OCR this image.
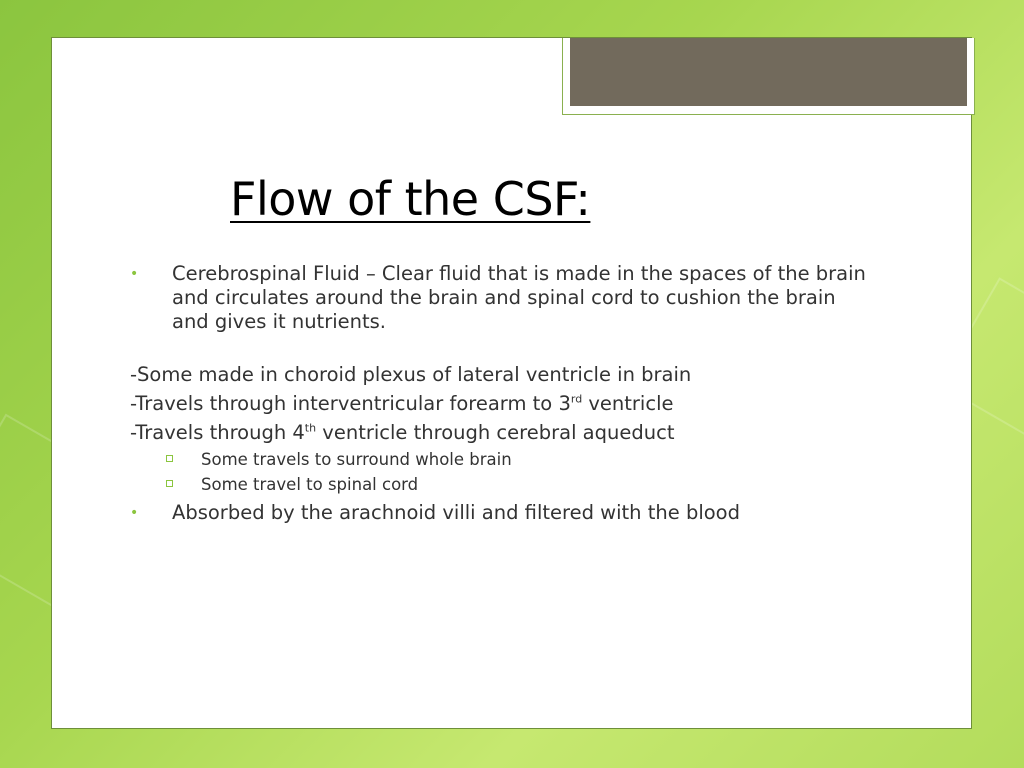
Flow of the CSF:
• Cerebrospinal Fluid – Clear fluid that is made in the spaces of the brain and circulates around the brain and spinal cord to cushion the brain and gives it nutrients.
-Some made in choroid plexus of lateral ventricle in brain
-Travels through interventricular forearm to 3rd ventricle
-Travels through 4th ventricle through cerebral aqueduct
Some travels to surround whole brain
Some travel to spinal cord
• Absorbed by the arachnoid villi and filtered with the blood
